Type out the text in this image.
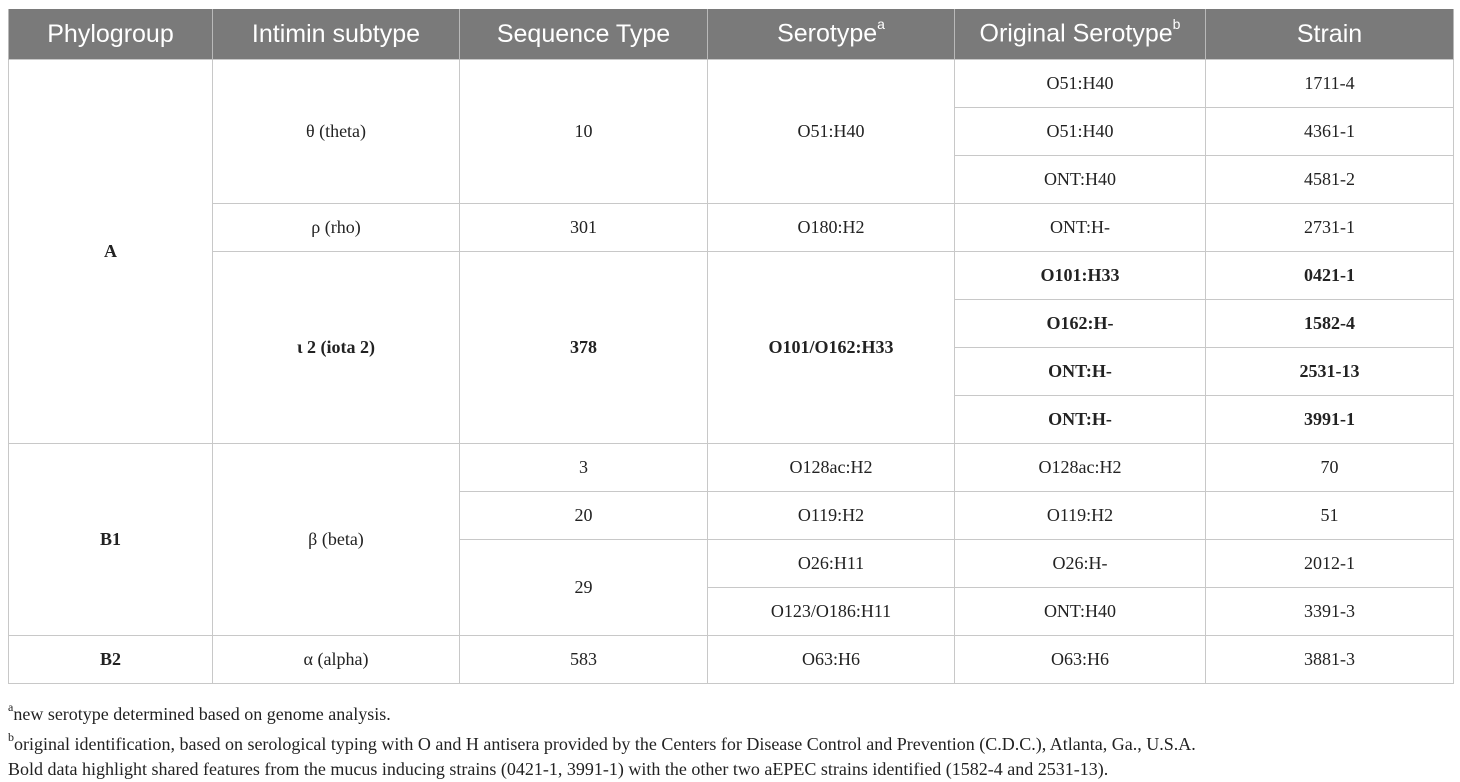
Phylogroup	Intimin subtype	Sequence Type	Serotype$^a$	Original Serotype$^b$	Strain
A	θ (theta)	10	O51:H40	O51:H40	1711-4
				O51:H40	4361-1
				ONT:H40	4581-2
	ρ (rho)	301	O180:H2	ONT:H-	2731-1
	ι 2 (iota 2)	378	O101/O162:H33	O101:H33	0421-1
				O162:H-	1582-4
				ONT:H-	2531-13
				ONT:H-	3991-1
B1	β (beta)	3	O128ac:H2	O128ac:H2	70
		20	O119:H2	O119:H2	51
		29	O26:H11	O26:H-	2012-1
			O123/O186:H11	ONT:H40	3391-3
B2	α (alpha)	583	O63:H6	O63:H6	3881-3
$^a$new serotype determined based on genome analysis.
$^b$original identification, based on serological typing with O and H antisera provided by the Centers for Disease Control and Prevention (C.D.C.), Atlanta, Ga., U.S.A.
Bold data highlight shared features from the mucus inducing strains (0421-1, 3991-1) with the other two aEPEC strains identified (1582-4 and 2531-13).
